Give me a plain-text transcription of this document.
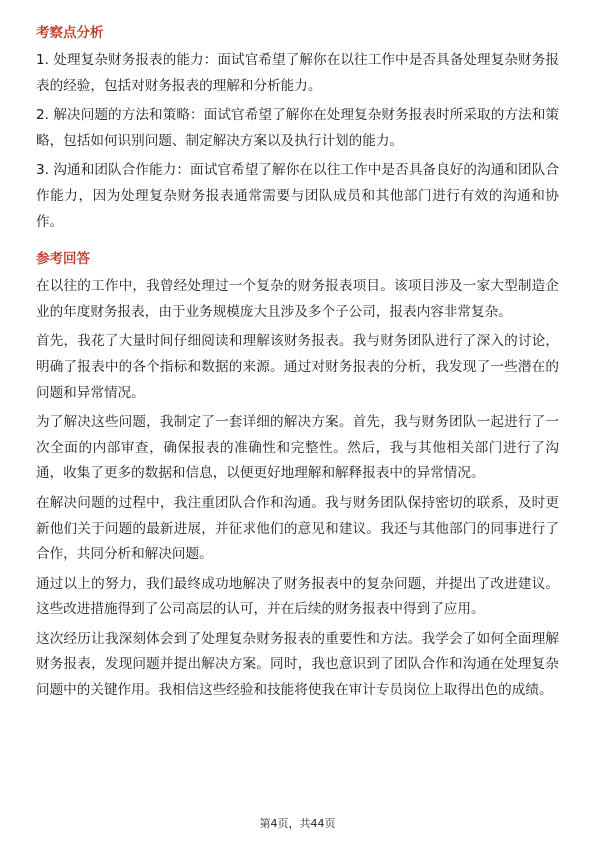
考察点分析

1. 处理复杂财务报表的能力：面试官希望了解你在以往工作中是否具备处理复杂财务报表的经验，包括对财务报表的理解和分析能力。

2. 解决问题的方法和策略：面试官希望了解你在处理复杂财务报表时所采取的方法和策略，包括如何识别问题、制定解决方案以及执行计划的能力。

3. 沟通和团队合作能力：面试官希望了解你在以往工作中是否具备良好的沟通和团队合作能力，因为处理复杂财务报表通常需要与团队成员和其他部门进行有效的沟通和协作。

参考回答

在以往的工作中，我曾经处理过一个复杂的财务报表项目。该项目涉及一家大型制造企业的年度财务报表，由于业务规模庞大且涉及多个子公司，报表内容非常复杂。

首先，我花了大量时间仔细阅读和理解该财务报表。我与财务团队进行了深入的讨论，明确了报表中的各个指标和数据的来源。通过对财务报表的分析，我发现了一些潜在的问题和异常情况。

为了解决这些问题，我制定了一套详细的解决方案。首先，我与财务团队一起进行了一次全面的内部审查，确保报表的准确性和完整性。然后，我与其他相关部门进行了沟通，收集了更多的数据和信息，以便更好地理解和解释报表中的异常情况。

在解决问题的过程中，我注重团队合作和沟通。我与财务团队保持密切的联系，及时更新他们关于问题的最新进展，并征求他们的意见和建议。我还与其他部门的同事进行了合作，共同分析和解决问题。

通过以上的努力，我们最终成功地解决了财务报表中的复杂问题，并提出了改进建议。这些改进措施得到了公司高层的认可，并在后续的财务报表中得到了应用。

这次经历让我深刻体会到了处理复杂财务报表的重要性和方法。我学会了如何全面理解财务报表，发现问题并提出解决方案。同时，我也意识到了团队合作和沟通在处理复杂问题中的关键作用。我相信这些经验和技能将使我在审计专员岗位上取得出色的成绩。

第4页，共44页
